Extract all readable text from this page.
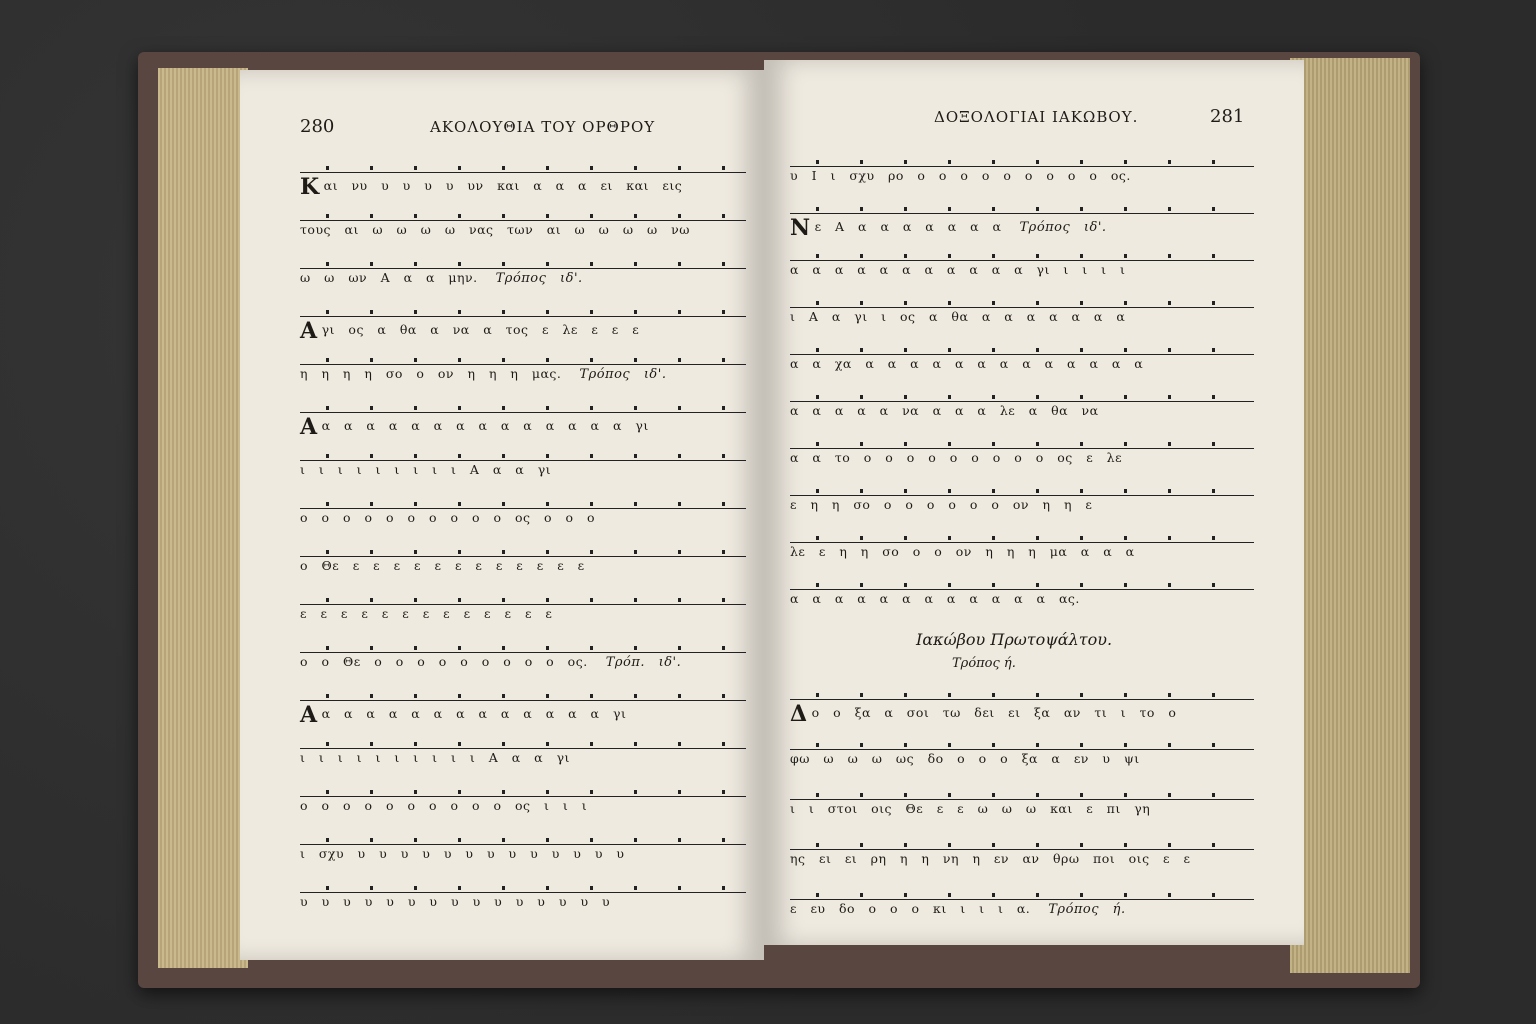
280	ΑΚΟΛΟΥΘΙΑ ΤΟΥ ΟΡΘΡΟΥ
Και νυ υ υ υ υ υν και α α α ει και εις
τους αι ω ω ω ω νας των αι ω ω ω ω νω
ω ω ων Α α α μην. Τρόπος ιδ'.
Αγι ος α θα α να α τος ε λε ε ε ε
η η η η σο ο ον η η η μας. Τρόπος ιδ'.
Αα α α α α α α α α α α α α α γι
ι ι ι ι ι ι ι ι ι Α α α γι
ο ο ο ο ο ο ο ο ο ο ος ο ο ο
ο Θε ε ε ε ε ε ε ε ε ε ε ε ε
ε ε ε ε ε ε ε ε ε ε ε ε ε
ο ο Θε ο ο ο ο ο ο ο ο ο ος. Τρόπ. ιδ'.
Αα α α α α α α α α α α α α γι
ι ι ι ι ι ι ι ι ι ι Α α α γι
ο ο ο ο ο ο ο ο ο ο ος ι ι ι
ι σχυ υ υ υ υ υ υ υ υ υ υ υ υ υ
υ υ υ υ υ υ υ υ υ υ υ υ υ υ υ
ΔΟΞΟΛΟΓΙΑΙ ΙΑΚΩΒΟΥ.	281
υ Ι ι σχυ ρο ο ο ο ο ο ο ο ο ο ος.
Νε Α α α α α α α α Τρόπος ιδ'.
α α α α α α α α α α α γι ι ι ι ι
ι Α α γι ι ος α θα α α α α α α α
α α χα α α α α α α α α α α α α α
α α α α α να α α α λε α θα να
α α το ο ο ο ο ο ο ο ο ο ος ε λε
ε η η σο ο ο ο ο ο ο ον η η ε
λε ε η η σο ο ο ον η η η μα α α α
α α α α α α α α α α α α ας.
Ιακώβου Πρωτοψάλτου.
Τρόπος ή.
Δο ο ξα α σοι τω δει ει ξα αν τι ι το ο
φω ω ω ω ως δο ο ο ο ξα α εν υ ψι
ι ι στοι οις Θε ε ε ω ω ω και ε πι γη
ης ει ει ρη η η νη η εν αν θρω ποι οις ε ε
ε ευ δο ο ο ο κι ι ι ι α. Τρόπος ή.
